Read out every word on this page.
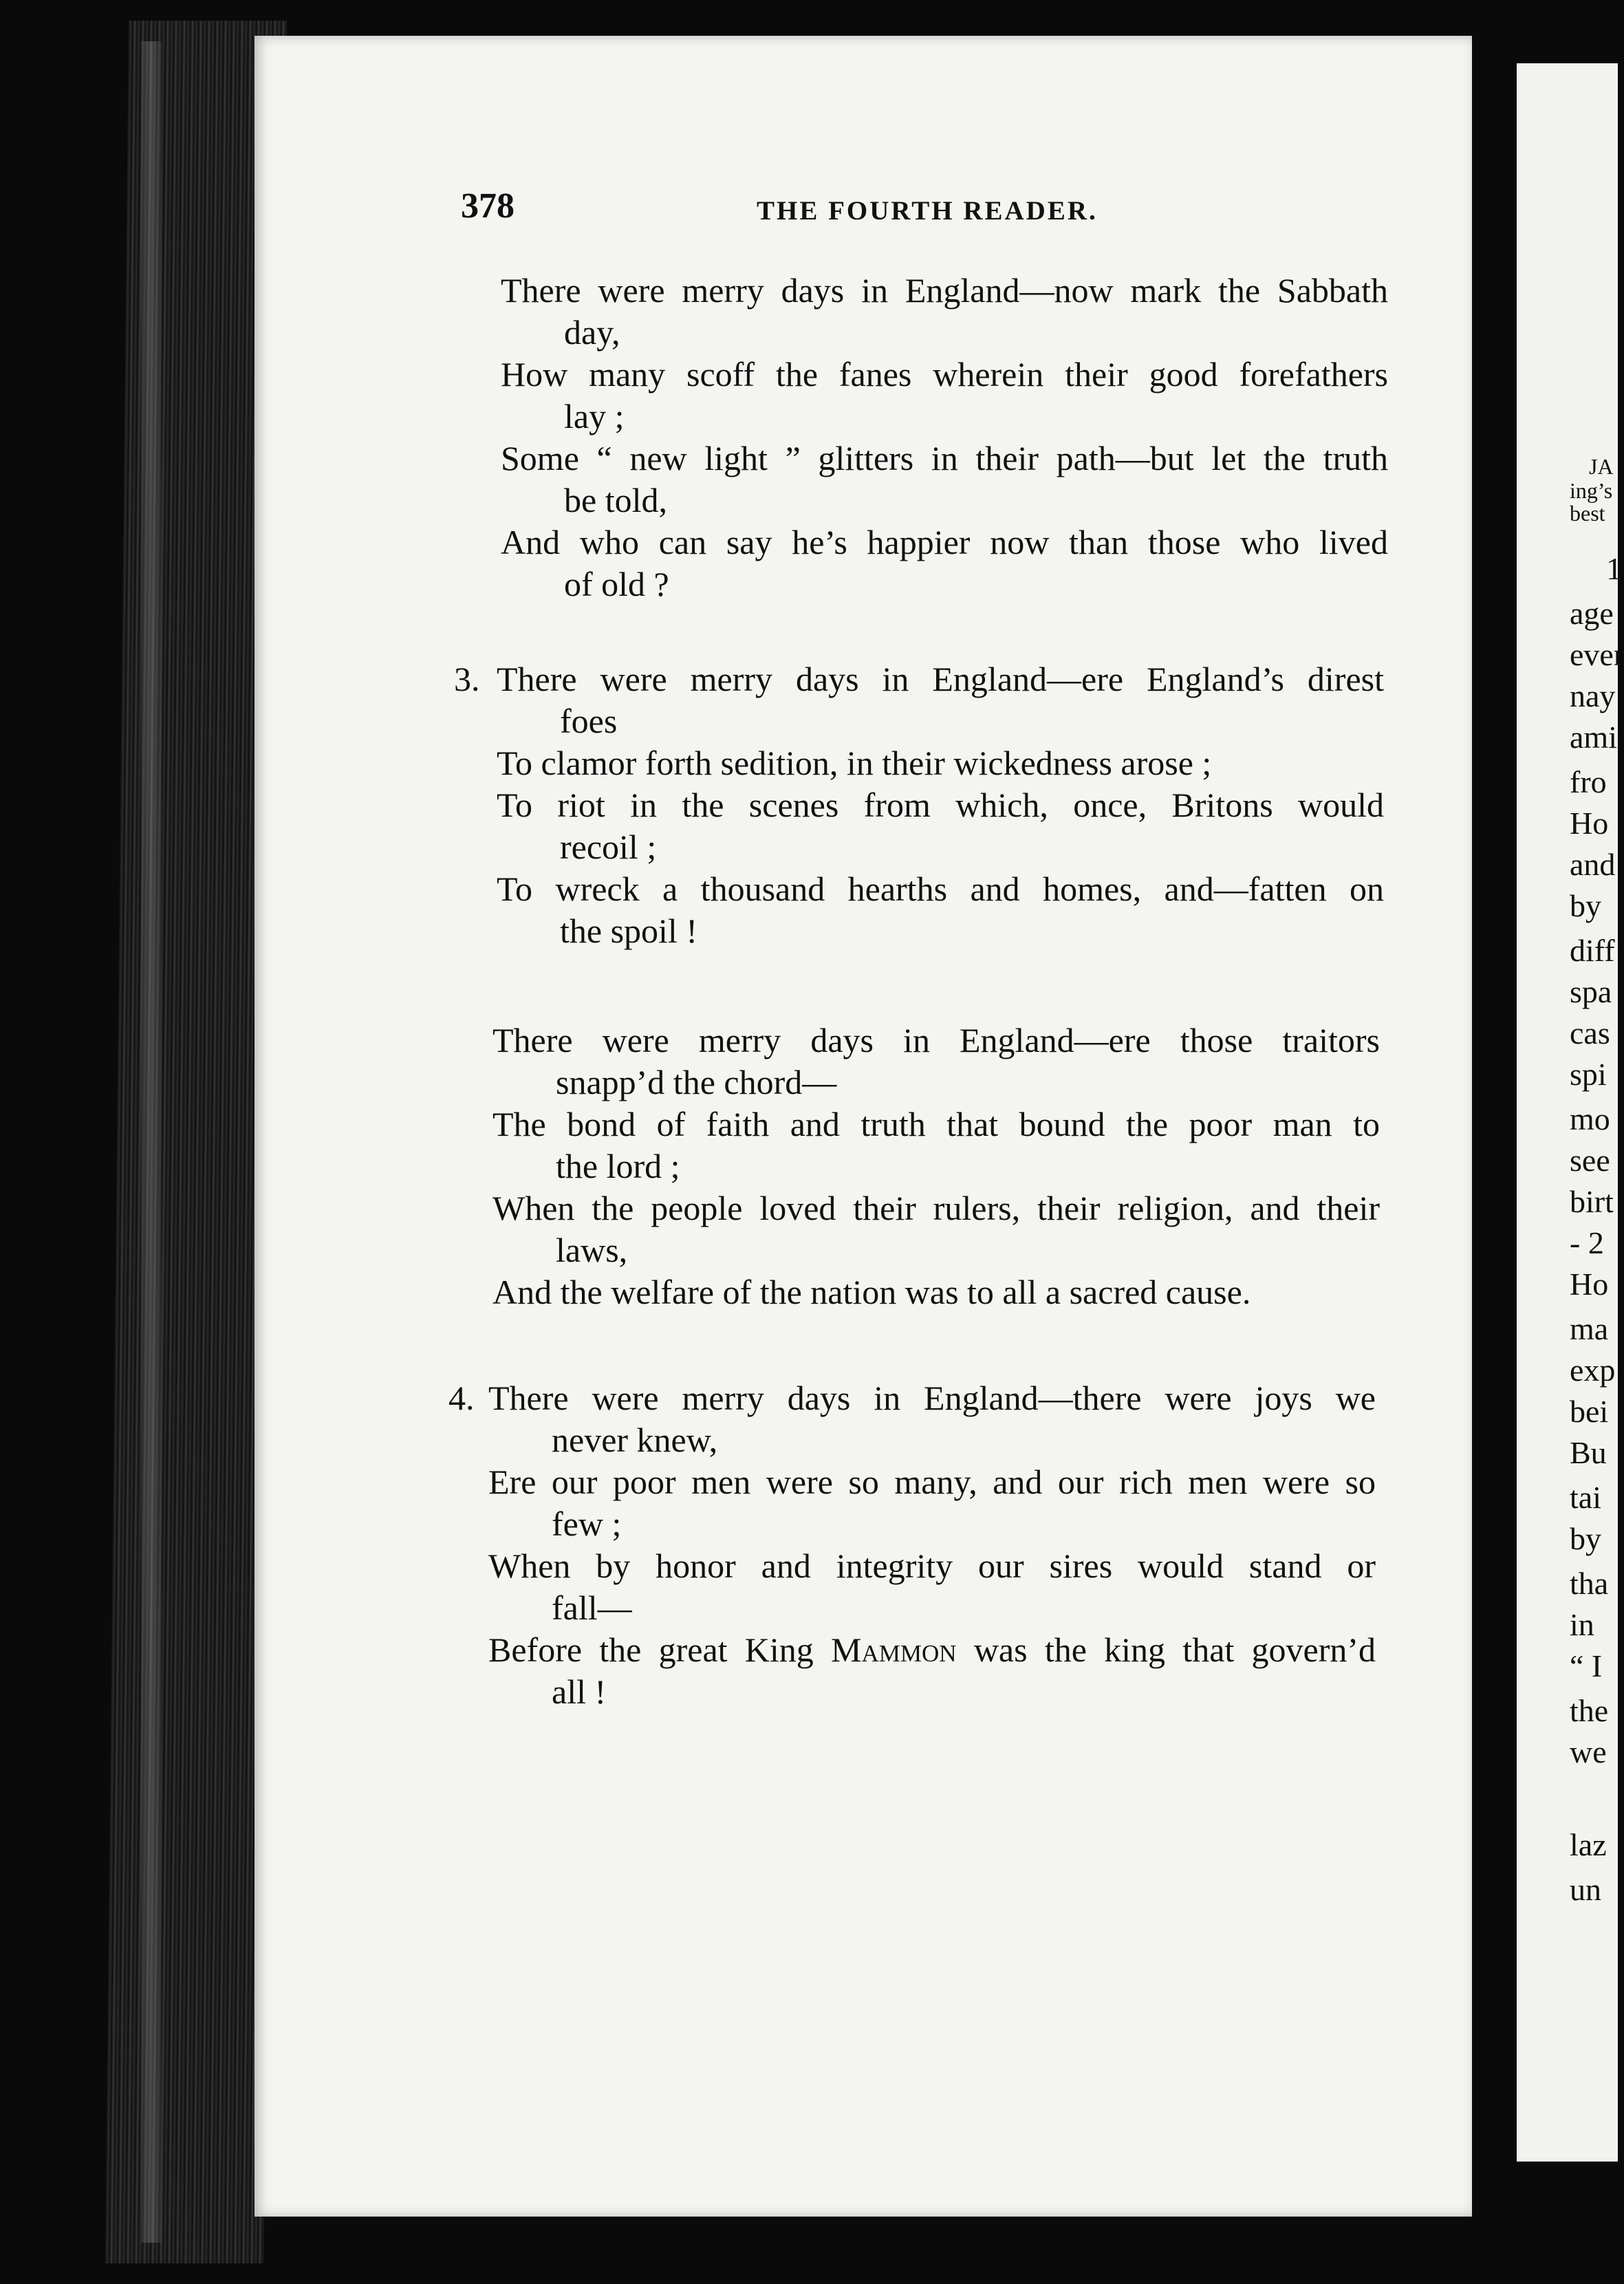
378	THE FOURTH READER.
There were merry days in England—now mark the Sabbath
day,
How many scoff the fanes wherein their good forefathers
lay ;
Some “ new light ” glitters in their path—but let the truth
be told,
And who can say he’s happier now than those who lived
of old ?
3. There were merry days in England—ere England’s direst
foes
To clamor forth sedition, in their wickedness arose ;
To riot in the scenes from which, once, Britons would
recoil ;
To wreck a thousand hearths and homes, and—fatten on
the spoil !
There were merry days in England—ere those traitors
snapp’d the chord—
The bond of faith and truth that bound the poor man to
the lord ;
When the people loved their rulers, their religion, and their
laws,
And the welfare of the nation was to all a sacred cause.
4. There were merry days in England—there were joys we
never knew,
Ere our poor men were so many, and our rich men were so
few ;
When by honor and integrity our sires would stand or
fall—
Before the great King Mammon was the king that govern’d
all !
JA
ing’s
best
1
age
ever
nay
ami
fro
Ho
and
by
diff
spa
cas
spi
mo
see
birt
- 2
Ho
ma
exp
bei
Bu
tai
by
tha
in
“ I
the
we
laz
un
